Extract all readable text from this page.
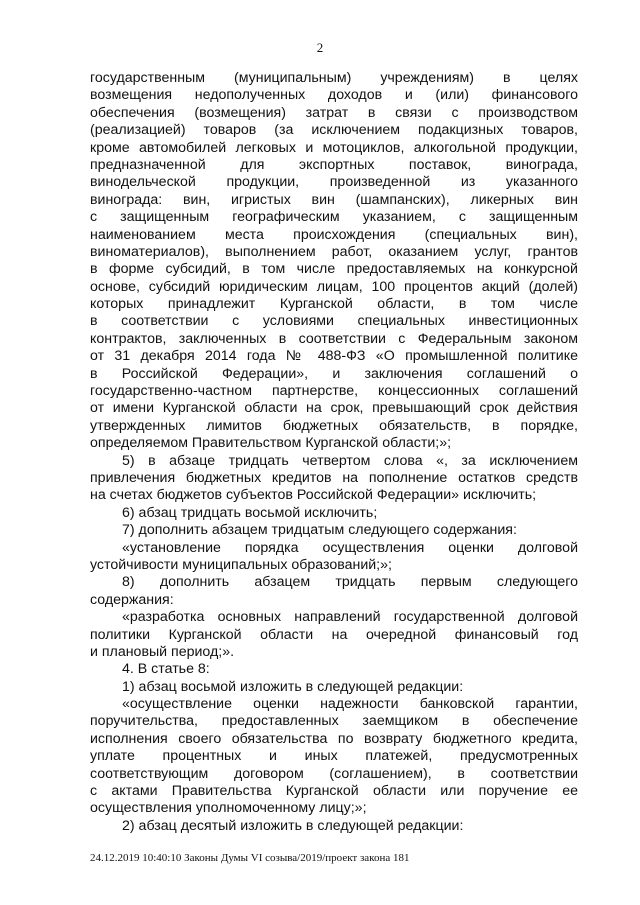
2
государственным (муниципальным) учреждениям) в целях
возмещения недополученных доходов и (или) финансового
обеспечения (возмещения) затрат в связи с производством
(реализацией) товаров (за исключением подакцизных товаров,
кроме автомобилей легковых и мотоциклов, алкогольной продукции,
предназначенной для экспортных поставок, винограда,
винодельческой продукции, произведенной из указанного
винограда: вин, игристых вин (шампанских), ликерных вин
с защищенным географическим указанием, с защищенным
наименованием места происхождения (специальных вин),
виноматериалов), выполнением работ, оказанием услуг, грантов
в форме субсидий, в том числе предоставляемых на конкурсной
основе, субсидий юридическим лицам, 100 процентов акций (долей)
которых принадлежит Курганской области, в том числе
в соответствии с условиями специальных инвестиционных
контрактов, заключенных в соответствии с Федеральным законом
от 31 декабря 2014 года № 488-ФЗ «О промышленной политике
в Российской Федерации», и заключения соглашений о
государственно-частном партнерстве, концессионных соглашений
от имени Курганской области на срок, превышающий срок действия
утвержденных лимитов бюджетных обязательств, в порядке,
определяемом Правительством Курганской области;»;
5) в абзаце тридцать четвертом слова «, за исключением
привлечения бюджетных кредитов на пополнение остатков средств
на счетах бюджетов субъектов Российской Федерации» исключить;
6) абзац тридцать восьмой исключить;
7) дополнить абзацем тридцатым следующего содержания:
«установление порядка осуществления оценки долговой
устойчивости муниципальных образований;»;
8) дополнить абзацем тридцать первым следующего
содержания:
«разработка основных направлений государственной долговой
политики Курганской области на очередной финансовый год
и плановый период;».
4. В статье 8:
1) абзац восьмой изложить в следующей редакции:
«осуществление оценки надежности банковской гарантии,
поручительства, предоставленных заемщиком в обеспечение
исполнения своего обязательства по возврату бюджетного кредита,
уплате процентных и иных платежей, предусмотренных
соответствующим договором (соглашением), в соответствии
с актами Правительства Курганской области или поручение ее
осуществления уполномоченному лицу;»;
2) абзац десятый изложить в следующей редакции:
24.12.2019 10:40:10 Законы Думы VI созыва/2019/проект закона 181
